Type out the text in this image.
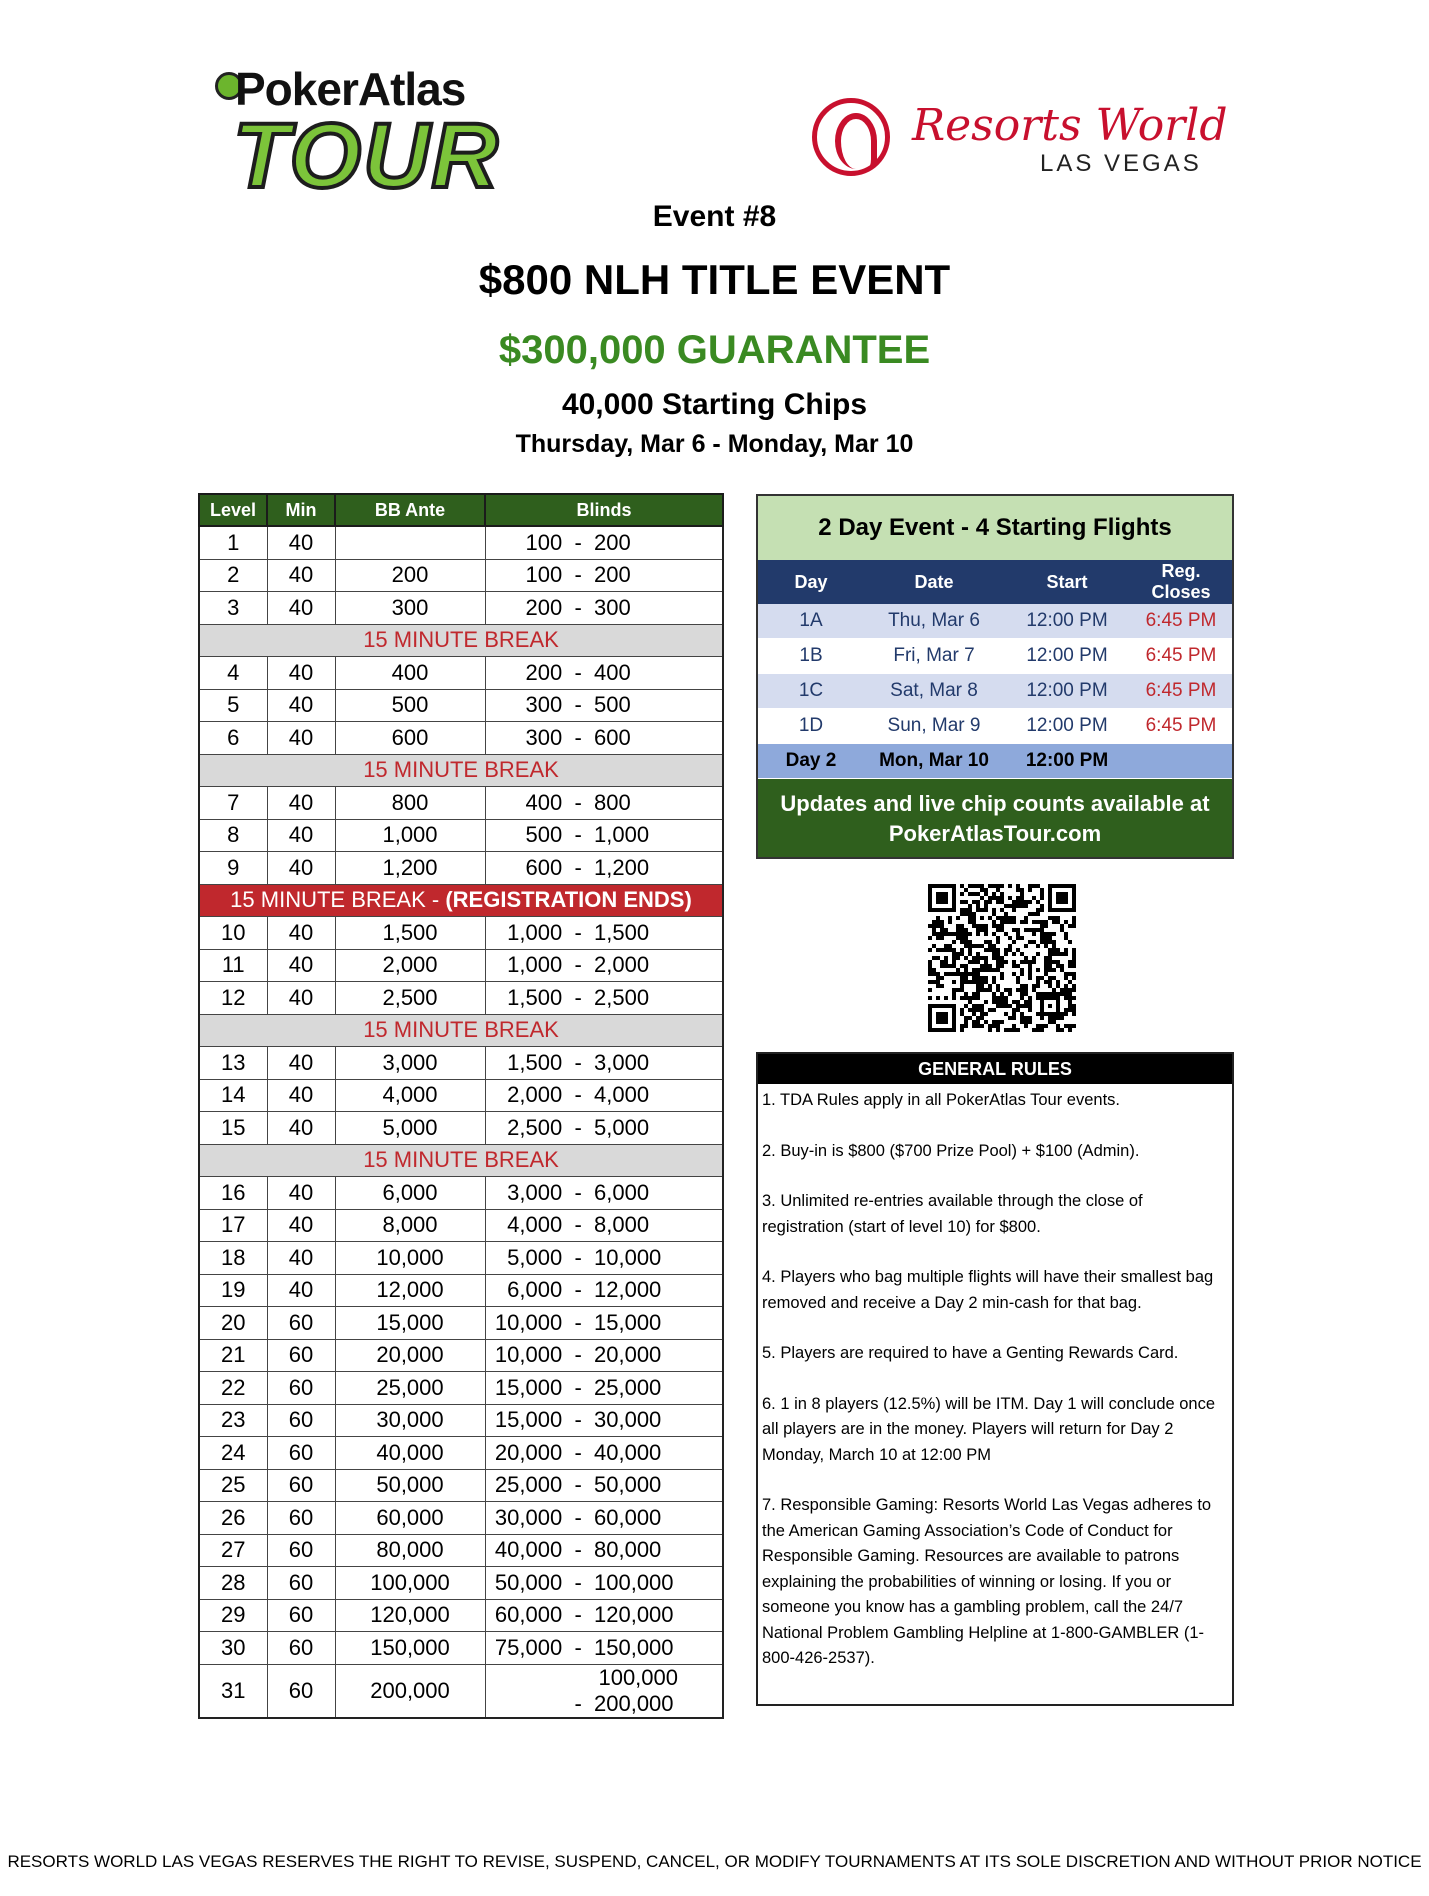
PokerAtlas
TOUR	Resorts World
LAS VEGAS
Event #8
$800 NLH TITLE EVENT
$300,000 GUARANTEE
40,000 Starting Chips
Thursday, Mar 6 - Monday, Mar 10
Level	Min	BB Ante	Blinds
1	40		100  -  200
2	40	200	100  -  200
3	40	300	200  -  300
15 MINUTE BREAK			
4	40	400	200  -  400
5	40	500	300  -  500
6	40	600	300  -  600
15 MINUTE BREAK			
7	40	800	400  -  800
8	40	1,000	500  -  1,000
9	40	1,200	600  -  1,200
15 MINUTE BREAK - (REGISTRATION ENDS)			
10	40	1,500	1,000  -  1,500
11	40	2,000	1,000  -  2,000
12	40	2,500	1,500  -  2,500
15 MINUTE BREAK			
13	40	3,000	1,500  -  3,000
14	40	4,000	2,000  -  4,000
15	40	5,000	2,500  -  5,000
15 MINUTE BREAK			
16	40	6,000	3,000  -  6,000
17	40	8,000	4,000  -  8,000
18	40	10,000	5,000  -  10,000
19	40	12,000	6,000  -  12,000
20	60	15,000	10,000  -  15,000
21	60	20,000	10,000  -  20,000
22	60	25,000	15,000  -  25,000
23	60	30,000	15,000  -  30,000
24	60	40,000	20,000  -  40,000
25	60	50,000	25,000  -  50,000
26	60	60,000	30,000  -  60,000
27	60	80,000	40,000  -  80,000
28	60	100,000	50,000  -  100,000
29	60	120,000	60,000  -  120,000
30	60	150,000	75,000  -  150,000
31	60	200,000	100,000  -  200,000
2 Day Event - 4 Starting Flights
Day	Date	Start	Reg. Closes
1A	Thu, Mar 6	12:00 PM	6:45 PM
1B	Fri, Mar 7	12:00 PM	6:45 PM
1C	Sat, Mar 8	12:00 PM	6:45 PM
1D	Sun, Mar 9	12:00 PM	6:45 PM
Day 2	Mon, Mar 10	12:00 PM	
Updates and live chip counts available at
PokerAtlasTour.com
GENERAL RULES
1. TDA Rules apply in all PokerAtlas Tour events.
2. Buy-in is $800 ($700 Prize Pool) + $100 (Admin).
3. Unlimited re-entries available through the close of registration (start of level 10) for $800.
4. Players who bag multiple flights will have their smallest bag removed and receive a Day 2 min-cash for that bag.
5. Players are required to have a Genting Rewards Card.
6. 1 in 8 players (12.5%) will be ITM. Day 1 will conclude once all players are in the money. Players will return for Day 2 Monday, March 10 at 12:00 PM
7. Responsible Gaming: Resorts World Las Vegas adheres to the American Gaming Association’s Code of Conduct for Responsible Gaming. Resources are available to patrons explaining the probabilities of winning or losing. If you or someone you know has a gambling problem, call the 24/7 National Problem Gambling Helpline at 1-800-GAMBLER (1-800-426-2537).
RESORTS WORLD LAS VEGAS RESERVES THE RIGHT TO REVISE, SUSPEND, CANCEL, OR MODIFY TOURNAMENTS AT ITS SOLE DISCRETION AND WITHOUT PRIOR NOTICE
